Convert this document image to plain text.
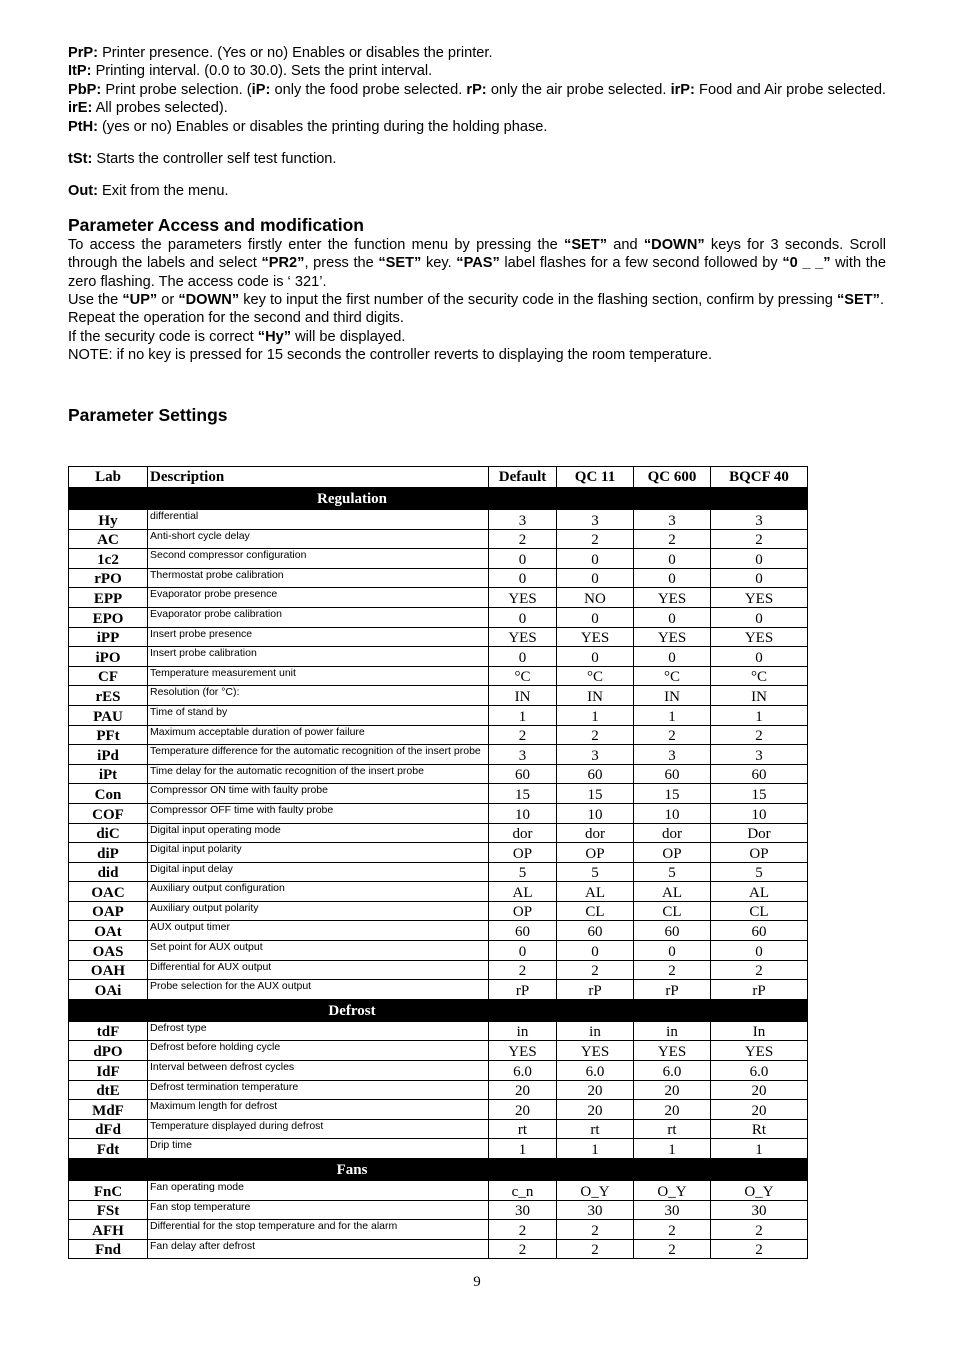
PrP: Printer presence. (Yes or no) Enables or disables the printer.

ItP: Printing interval. (0.0 to 30.0). Sets the print interval.

PbP: Print probe selection. (iP: only the food probe selected. rP: only the air probe selected. irP: Food and Air probe selected. irE: All probes selected).

PtH: (yes or no) Enables or disables the printing during the holding phase.

tSt: Starts the controller self test function.

Out: Exit from the menu.

Parameter Access and modification

To access the parameters firstly enter the function menu by pressing the “SET” and “DOWN” keys for 3 seconds. Scroll through the labels and select “PR2”, press the “SET” key. “PAS” label flashes for a few second followed by “0 _ _” with the zero flashing. The access code is ‘ 321’.

Use the “UP” or “DOWN” key to input the first number of the security code in the flashing section, confirm by pressing “SET”.

Repeat the operation for the second and third digits.

If the security code is correct “Hy” will be displayed.

NOTE: if no key is pressed for 15 seconds the controller reverts to displaying the room temperature.

Parameter Settings
Lab	Description	Default	QC 11	QC 600	BQCF 40
Regulation					
Hy	differential	3	3	3	3
AC	Anti-short cycle delay	2	2	2	2
1c2	Second compressor configuration	0	0	0	0
rPO	Thermostat probe calibration	0	0	0	0
EPP	Evaporator probe presence	YES	NO	YES	YES
EPO	Evaporator probe calibration	0	0	0	0
iPP	Insert probe presence	YES	YES	YES	YES
iPO	Insert probe calibration	0	0	0	0
CF	Temperature measurement unit	°C	°C	°C	°C
rES	Resolution (for °C):	IN	IN	IN	IN
PAU	Time of stand by	1	1	1	1
PFt	Maximum acceptable duration of power failure	2	2	2	2
iPd	Temperature difference for the automatic recognition of the insert probe	3	3	3	3
iPt	Time delay for the automatic recognition of the insert probe	60	60	60	60
Con	Compressor ON time with faulty probe	15	15	15	15
COF	Compressor OFF time with faulty probe	10	10	10	10
diC	Digital input operating mode	dor	dor	dor	Dor
diP	Digital input polarity	OP	OP	OP	OP
did	Digital input delay	5	5	5	5
OAC	Auxiliary output configuration	AL	AL	AL	AL
OAP	Auxiliary output polarity	OP	CL	CL	CL
OAt	AUX output timer	60	60	60	60
OAS	Set point for AUX output	0	0	0	0
OAH	Differential for AUX output	2	2	2	2
OAi	Probe selection for the AUX output	rP	rP	rP	rP
Defrost					
tdF	Defrost type	in	in	in	In
dPO	Defrost before holding cycle	YES	YES	YES	YES
IdF	Interval between defrost cycles	6.0	6.0	6.0	6.0
dtE	Defrost termination temperature	20	20	20	20
MdF	Maximum length for defrost	20	20	20	20
dFd	Temperature displayed during defrost	rt	rt	rt	Rt
Fdt	Drip time	1	1	1	1
Fans					
FnC	Fan operating mode	c_n	O_Y	O_Y	O_Y
FSt	Fan stop temperature	30	30	30	30
AFH	Differential for the stop temperature and for the alarm	2	2	2	2
Fnd	Fan delay after defrost	2	2	2	2
9
